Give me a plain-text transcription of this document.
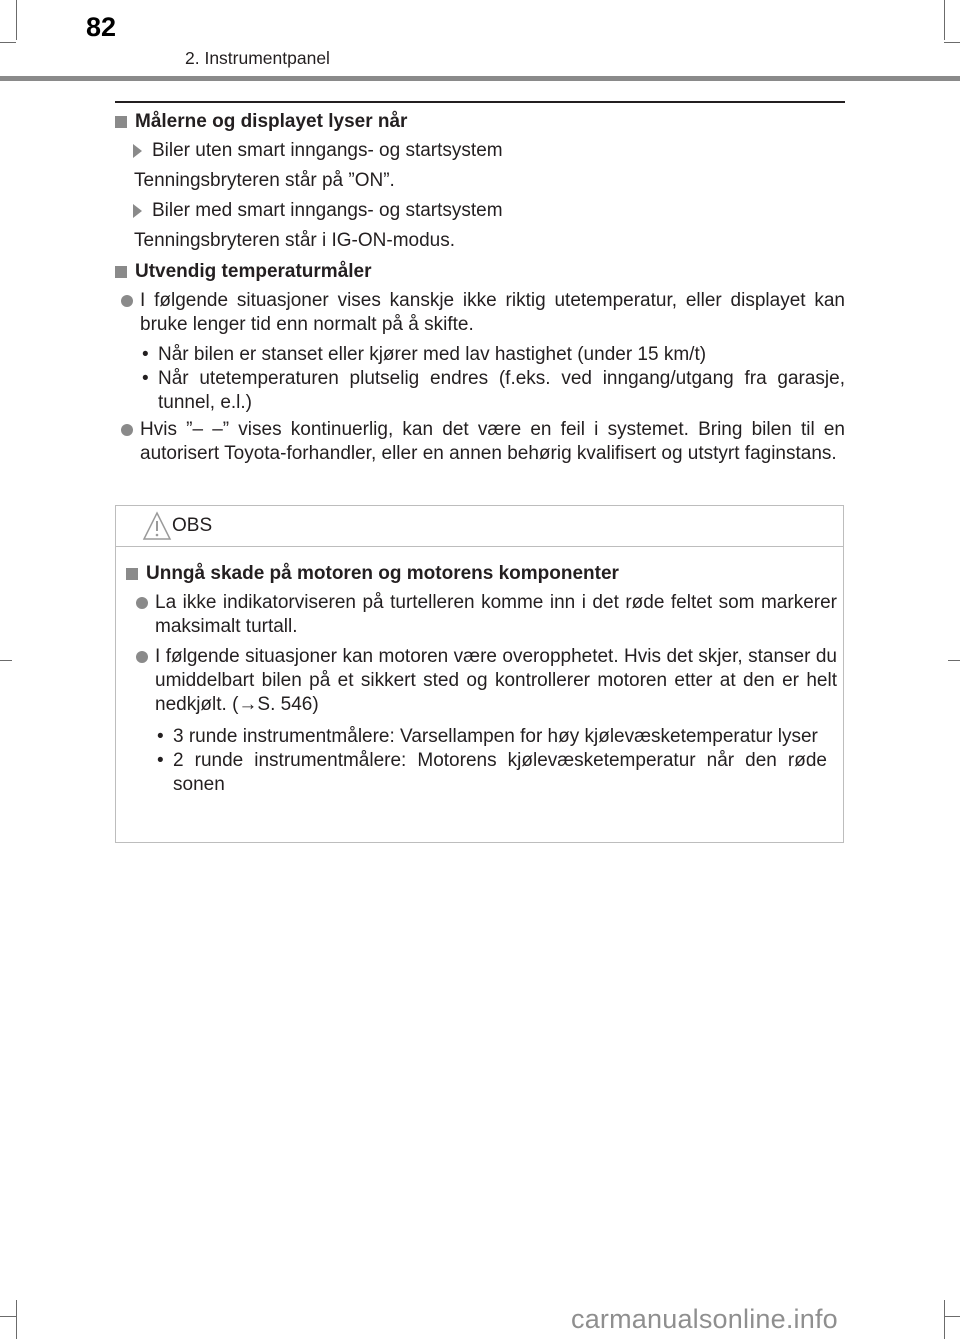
82
2. Instrumentpanel
Målerne og displayet lyser når
Biler uten smart inngangs- og startsystem
Tenningsbryteren står på ”ON”.
Biler med smart inngangs- og startsystem
Tenningsbryteren står i IG-ON-modus.
Utvendig temperaturmåler
I følgende situasjoner vises kanskje ikke riktig utetemperatur, eller displayet kan bruke lenger tid enn normalt på å skifte.
• Når bilen er stanset eller kjører med lav hastighet (under 15 km/t)
• Når utetemperaturen plutselig endres (f.eks. ved inngang/utgang fra garasje, tunnel, e.l.)
Hvis ”– –” vises kontinuerlig, kan det være en feil i systemet. Bring bilen til en autorisert Toyota-forhandler, eller en annen behørig kvalifisert og utstyrt faginstans.
OBS
Unngå skade på motoren og motorens komponenter
La ikke indikatorviseren på turtelleren komme inn i det røde feltet som markerer maksimalt turtall.
I følgende situasjoner kan motoren være overopphetet. Hvis det skjer, stanser du umiddelbart bilen på et sikkert sted og kontrollerer motoren etter at den er helt nedkjølt. (→S. 546)
• 3 runde instrumentmålere: Varsellampen for høy kjølevæsketemperatur lyser
• 2 runde instrumentmålere: Motorens kjølevæsketemperatur når den røde sonen
carmanualsonline.info
